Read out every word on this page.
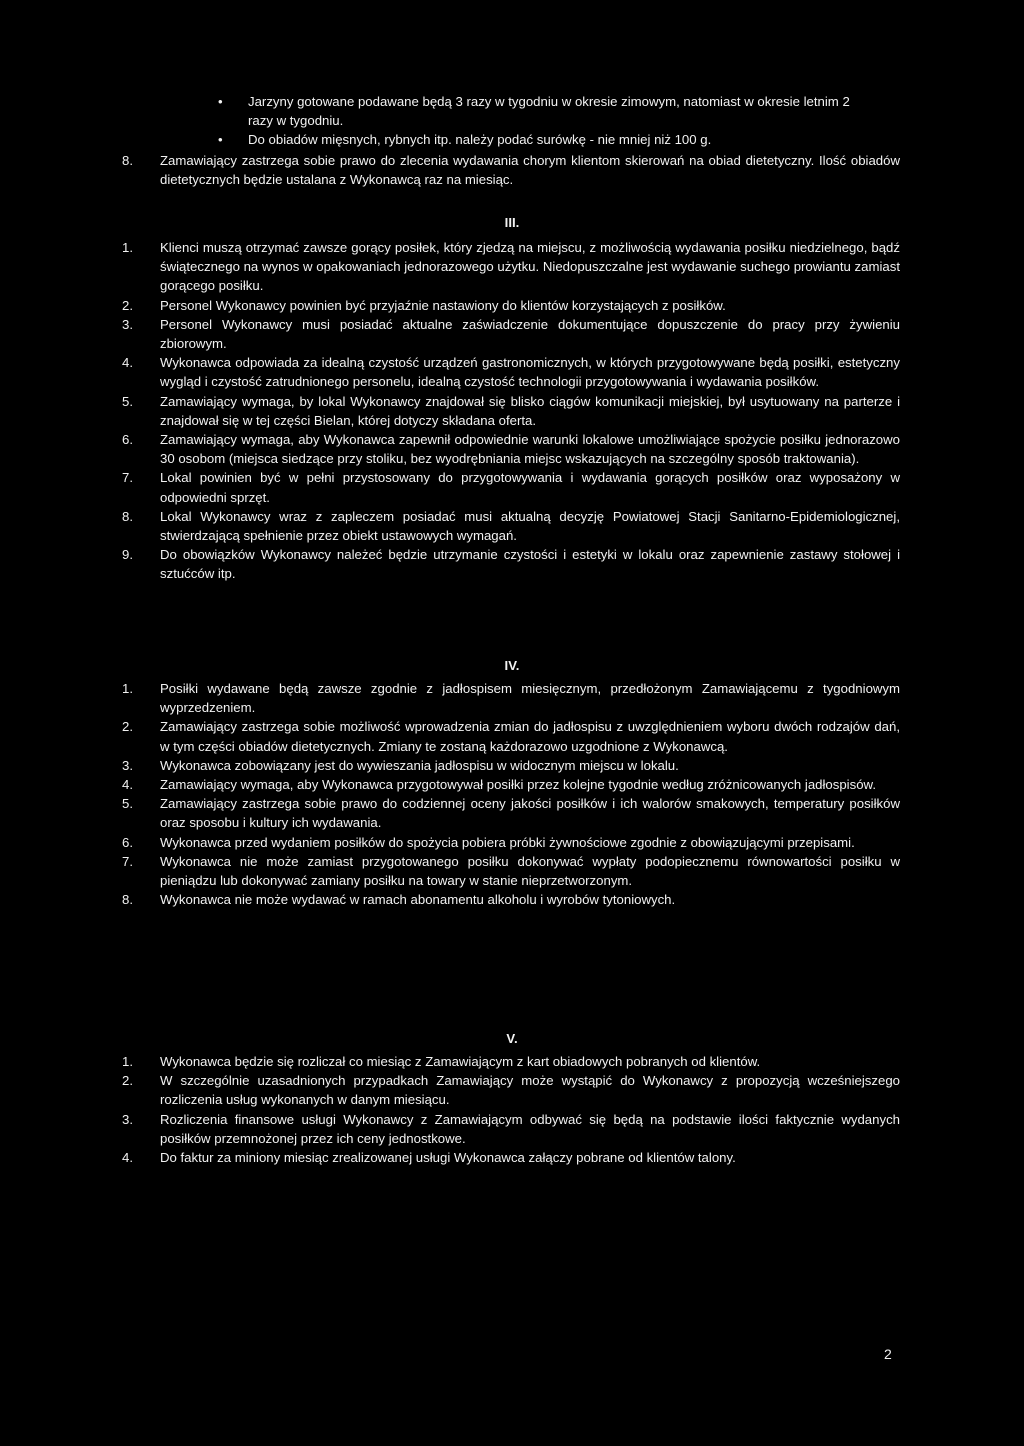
• Jarzyny gotowane podawane będą 3 razy w tygodniu w okresie zimowym, natomiast w okresie letnim 2 razy w tygodniu.

• Do obiadów mięsnych, rybnych itp. należy podać surówkę - nie mniej niż 100 g.

8. Zamawiający zastrzega sobie prawo do zlecenia wydawania chorym klientom skierowań na obiad dietetyczny. Ilość obiadów dietetycznych będzie ustalana z Wykonawcą raz na miesiąc.

III.

1. Klienci muszą otrzymać zawsze gorący posiłek, który zjedzą na miejscu, z możliwością wydawania posiłku niedzielnego, bądź świątecznego na wynos w opakowaniach jednorazowego użytku. Niedopuszczalne jest wydawanie suchego prowiantu zamiast gorącego posiłku.
2. Personel Wykonawcy powinien być przyjaźnie nastawiony do klientów korzystających z posiłków.
3. Personel Wykonawcy musi posiadać aktualne zaświadczenie dokumentujące dopuszczenie do pracy przy żywieniu zbiorowym.
4. Wykonawca odpowiada za idealną czystość urządzeń gastronomicznych, w których przygotowywane będą posiłki, estetyczny wygląd i czystość zatrudnionego personelu, idealną czystość technologii przygotowywania i wydawania posiłków.
5. Zamawiający wymaga, by lokal Wykonawcy znajdował się blisko ciągów komunikacji miejskiej, był usytuowany na parterze i znajdował się w tej części Bielan, której dotyczy składana oferta.
6. Zamawiający wymaga, aby Wykonawca zapewnił odpowiednie warunki lokalowe umożliwiające spożycie posiłku jednorazowo 30 osobom (miejsca siedzące przy stoliku, bez wyodrębniania miejsc wskazujących na szczególny sposób traktowania).
7. Lokal powinien być w pełni przystosowany do przygotowywania i wydawania gorących posiłków oraz wyposażony w odpowiedni sprzęt.
8. Lokal Wykonawcy wraz z zapleczem posiadać musi aktualną decyzję Powiatowej Stacji Sanitarno-Epidemiologicznej, stwierdzającą spełnienie przez obiekt ustawowych wymagań.
9. Do obowiązków Wykonawcy należeć będzie utrzymanie czystości i estetyki w lokalu oraz zapewnienie zastawy stołowej i sztućców itp.

IV.

1. Posiłki wydawane będą zawsze zgodnie z jadłospisem miesięcznym, przedłożonym Zamawiającemu z tygodniowym wyprzedzeniem.
2. Zamawiający zastrzega sobie możliwość wprowadzenia zmian do jadłospisu z uwzględnieniem wyboru dwóch rodzajów dań, w tym części obiadów dietetycznych. Zmiany te zostaną każdorazowo uzgodnione z Wykonawcą.
3. Wykonawca zobowiązany jest do wywieszania jadłospisu w widocznym miejscu w lokalu.
4. Zamawiający wymaga, aby Wykonawca przygotowywał posiłki przez kolejne tygodnie według zróżnicowanych jadłospisów.
5. Zamawiający zastrzega sobie prawo do codziennej oceny jakości posiłków i ich walorów smakowych, temperatury posiłków oraz sposobu i kultury ich wydawania.
6. Wykonawca przed wydaniem posiłków do spożycia pobiera próbki żywnościowe zgodnie z obowiązującymi przepisami.
7. Wykonawca nie może zamiast przygotowanego posiłku dokonywać wypłaty podopiecznemu równowartości posiłku w pieniądzu lub dokonywać zamiany posiłku na towary w stanie nieprzetworzonym.
8. Wykonawca nie może wydawać w ramach abonamentu alkoholu i wyrobów tytoniowych.

V.

1. Wykonawca będzie się rozliczał co miesiąc z Zamawiającym z kart obiadowych pobranych od klientów.
2. W szczególnie uzasadnionych przypadkach Zamawiający może wystąpić do Wykonawcy z propozycją wcześniejszego rozliczenia usług wykonanych w danym miesiącu.
3. Rozliczenia finansowe usługi Wykonawcy z Zamawiającym odbywać się będą na podstawie ilości faktycznie wydanych posiłków przemnożonej przez ich ceny jednostkowe.
4. Do faktur za miniony miesiąc zrealizowanej usługi Wykonawca załączy pobrane od klientów talony.
2
